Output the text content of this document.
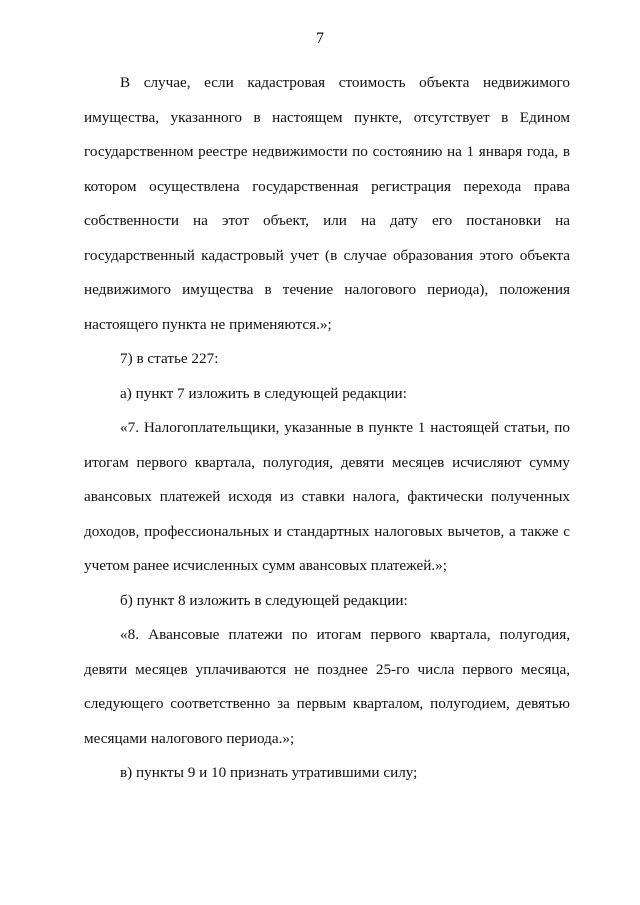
7

В случае, если кадастровая стоимость объекта недвижимого имущества, указанного в настоящем пункте, отсутствует в Едином государственном реестре недвижимости по состоянию на 1 января года, в котором осуществлена государственная регистрация перехода права собственности на этот объект, или на дату его постановки на государственный кадастровый учет (в случае образования этого объекта недвижимого имущества в течение налогового периода), положения настоящего пункта не применяются.»;

7) в статье 227:

а) пункт 7 изложить в следующей редакции:

«7. Налогоплательщики, указанные в пункте 1 настоящей статьи, по итогам первого квартала, полугодия, девяти месяцев исчисляют сумму авансовых платежей исходя из ставки налога, фактически полученных доходов, профессиональных и стандартных налоговых вычетов, а также с учетом ранее исчисленных сумм авансовых платежей.»;

б) пункт 8 изложить в следующей редакции:

«8. Авансовые платежи по итогам первого квартала, полугодия, девяти месяцев уплачиваются не позднее 25-го числа первого месяца, следующего соответственно за первым кварталом, полугодием, девятью месяцами налогового периода.»;

в) пункты 9 и 10 признать утратившими силу;
